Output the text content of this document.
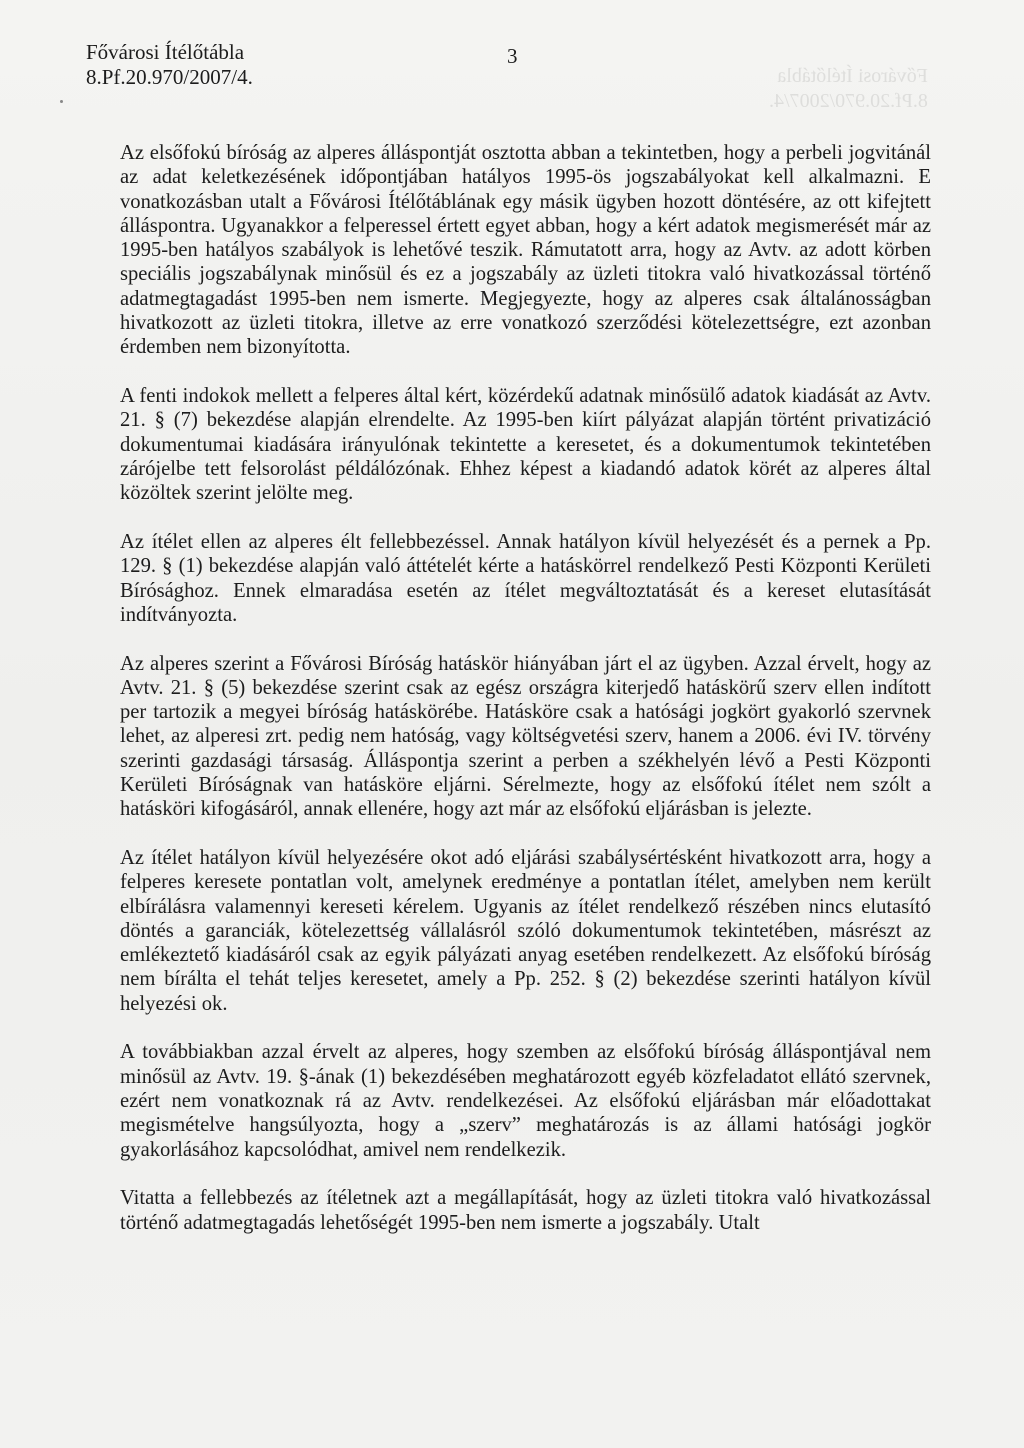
Fővárosi Ítélőtábla
8.Pf.20.970/2007/4.
Fővárosi Ítélőtábla
8.Pf.20.970/2007/4.
3

Az elsőfokú bíróság az alperes álláspontját osztotta abban a tekintetben, hogy a perbeli jogvitánál az adat keletkezésének időpontjában hatályos 1995-ös jogszabályokat kell alkalmazni. E vonatkozásban utalt a Fővárosi Ítélőtáblának egy másik ügyben hozott döntésére, az ott kifejtett álláspontra. Ugyanakkor a felperessel értett egyet abban, hogy a kért adatok megismerését már az 1995-ben hatályos szabályok is lehetővé teszik. Rámutatott arra, hogy az Avtv. az adott körben speciális jogszabálynak minősül és ez a jogszabály az üzleti titokra való hivatkozással történő adatmegtagadást 1995-ben nem ismerte. Megjegyezte, hogy az alperes csak általánosságban hivatkozott az üzleti titokra, illetve az erre vonatkozó szerződési kötelezettségre, ezt azonban érdemben nem bizonyította.

A fenti indokok mellett a felperes által kért, közérdekű adatnak minősülő adatok kiadását az Avtv. 21. § (7) bekezdése alapján elrendelte. Az 1995-ben kiírt pályázat alapján történt privatizáció dokumentumai kiadására irányulónak tekintette a keresetet, és a dokumentumok tekintetében zárójelbe tett felsorolást példálózónak. Ehhez képest a kiadandó adatok körét az alperes által közöltek szerint jelölte meg.

Az ítélet ellen az alperes élt fellebbezéssel. Annak hatályon kívül helyezését és a pernek a Pp. 129. § (1) bekezdése alapján való áttételét kérte a hatáskörrel rendelkező Pesti Központi Kerületi Bírósághoz. Ennek elmaradása esetén az ítélet megváltoztatását és a kereset elutasítását indítványozta.

Az alperes szerint a Fővárosi Bíróság hatáskör hiányában járt el az ügyben. Azzal érvelt, hogy az Avtv. 21. § (5) bekezdése szerint csak az egész országra kiterjedő hatáskörű szerv ellen indított per tartozik a megyei bíróság hatáskörébe. Hatásköre csak a hatósági jogkört gyakorló szervnek lehet, az alperesi zrt. pedig nem hatóság, vagy költségvetési szerv, hanem a 2006. évi IV. törvény szerinti gazdasági társaság. Álláspontja szerint a perben a székhelyén lévő a Pesti Központi Kerületi Bíróságnak van hatásköre eljárni. Sérelmezte, hogy az elsőfokú ítélet nem szólt a hatásköri kifogásáról, annak ellenére, hogy azt már az elsőfokú eljárásban is jelezte.

Az ítélet hatályon kívül helyezésére okot adó eljárási szabálysértésként hivatkozott arra, hogy a felperes keresete pontatlan volt, amelynek eredménye a pontatlan ítélet, amelyben nem került elbírálásra valamennyi kereseti kérelem. Ugyanis az ítélet rendelkező részében nincs elutasító döntés a garanciák, kötelezettség vállalásról szóló dokumentumok tekintetében, másrészt az emlékeztető kiadásáról csak az egyik pályázati anyag esetében rendelkezett. Az elsőfokú bíróság nem bírálta el tehát teljes keresetet, amely a Pp. 252. § (2) bekezdése szerinti hatályon kívül helyezési ok.

A továbbiakban azzal érvelt az alperes, hogy szemben az elsőfokú bíróság álláspontjával nem minősül az Avtv. 19. §-ának (1) bekezdésében meghatározott egyéb közfeladatot ellátó szervnek, ezért nem vonatkoznak rá az Avtv. rendelkezései. Az elsőfokú eljárásban már előadottakat megismételve hangsúlyozta, hogy a „szerv” meghatározás is az állami hatósági jogkör gyakorlásához kapcsolódhat, amivel nem rendelkezik.

Vitatta a fellebbezés az ítéletnek azt a megállapítását, hogy az üzleti titokra való hivatkozással történő adatmegtagadás lehetőségét 1995-ben nem ismerte a jogszabály. Utalt
